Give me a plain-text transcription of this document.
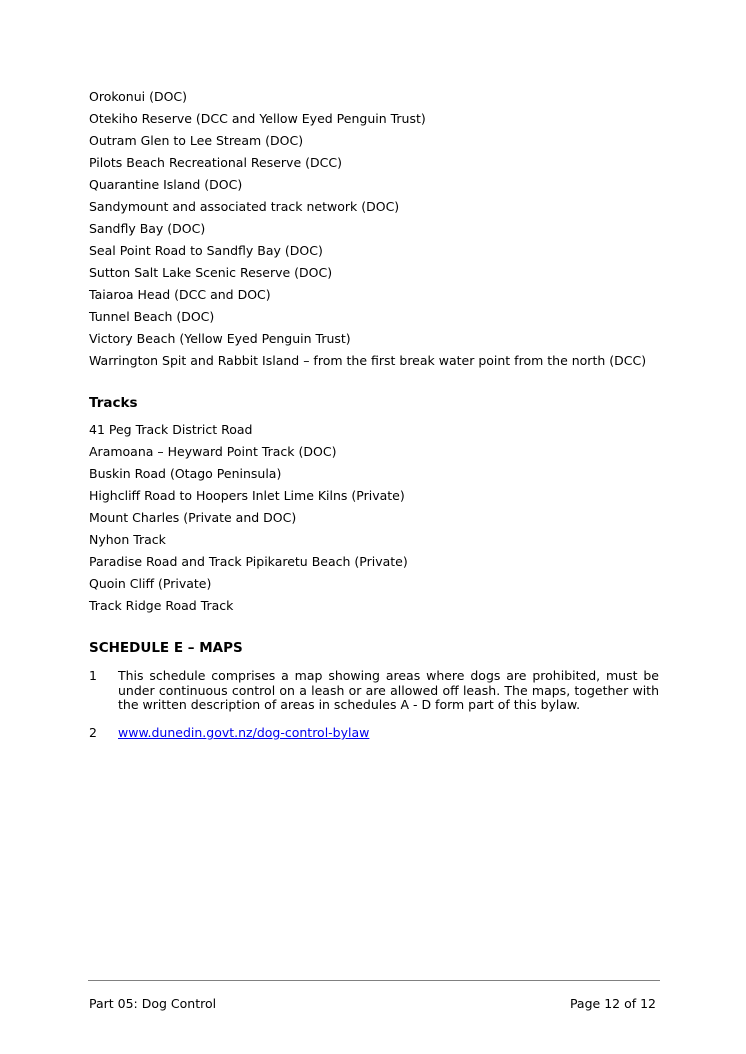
Orokonui (DOC)
Otekiho Reserve (DCC and Yellow Eyed Penguin Trust)
Outram Glen to Lee Stream (DOC)
Pilots Beach Recreational Reserve (DCC)
Quarantine Island (DOC)
Sandymount and associated track network (DOC)
Sandfly Bay (DOC)
Seal Point Road to Sandfly Bay (DOC)
Sutton Salt Lake Scenic Reserve (DOC)
Taiaroa Head (DCC and DOC)
Tunnel Beach (DOC)
Victory Beach (Yellow Eyed Penguin Trust)
Warrington Spit and Rabbit Island – from the first break water point from the north (DCC)
Tracks
41 Peg Track District Road
Aramoana – Heyward Point Track (DOC)
Buskin Road (Otago Peninsula)
Highcliff Road to Hoopers Inlet Lime Kilns (Private)
Mount Charles (Private and DOC)
Nyhon Track
Paradise Road and Track Pipikaretu Beach (Private)
Quoin Cliff (Private)
Track Ridge Road Track
SCHEDULE E – MAPS
1 This schedule comprises a map showing areas where dogs are prohibited, must be under continuous control on a leash or are allowed off leash. The maps, together with the written description of areas in schedules A - D form part of this bylaw.
2 www.dunedin.govt.nz/dog-control-bylaw
Part 05: Dog Control	Page 12 of 12
